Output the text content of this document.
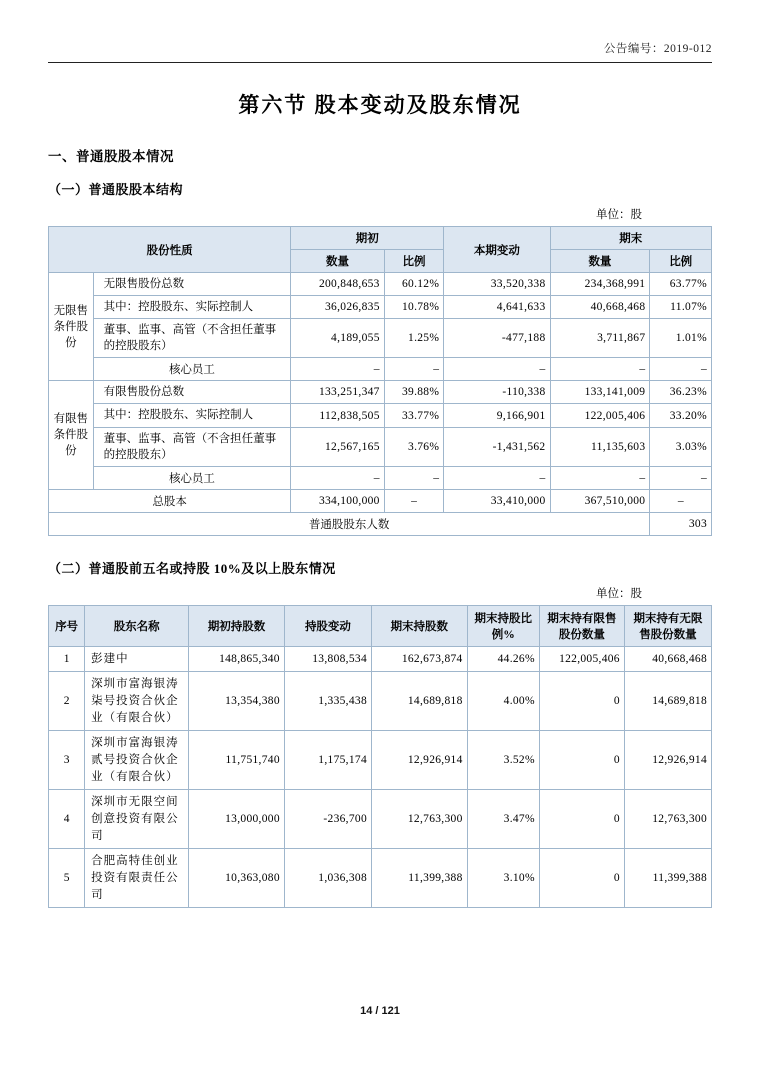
公告编号：2019-012
第六节 股本变动及股东情况
一、普通股股本情况
（一）普通股股本结构
单位：股
股份性质		期初		本期变动	期末	
		数量	比例		数量	比例
无限售条件股份	无限售股份总数	200,848,653	60.12%	33,520,338	234,368,991	63.77%
	其中：控股股东、实际控制人	36,026,835	10.78%	4,641,633	40,668,468	11.07%
	董事、监事、高管（不含担任董事的控股股东）	4,189,055	1.25%	-477,188	3,711,867	1.01%
	核心员工	–	–	–	–	–
有限售条件股份	有限售股份总数	133,251,347	39.88%	-110,338	133,141,009	36.23%
	其中：控股股东、实际控制人	112,838,505	33.77%	9,166,901	122,005,406	33.20%
	董事、监事、高管（不含担任董事的控股股东）	12,567,165	3.76%	-1,431,562	11,135,603	3.03%
	核心员工	–	–	–	–	–
总股本		334,100,000	–	33,410,000	367,510,000	–
普通股股东人数						303
（二）普通股前五名或持股 10%及以上股东情况
单位：股
序号	股东名称	期初持股数	持股变动	期末持股数	期末持股比例%	期末持有限售股份数量	期末持有无限售股份数量
1	彭建中	148,865,340	13,808,534	162,673,874	44.26%	122,005,406	40,668,468
2	深圳市富海银涛柒号投资合伙企业（有限合伙）	13,354,380	1,335,438	14,689,818	4.00%	0	14,689,818
3	深圳市富海银涛贰号投资合伙企业（有限合伙）	11,751,740	1,175,174	12,926,914	3.52%	0	12,926,914
4	深圳市无限空间创意投资有限公司	13,000,000	-236,700	12,763,300	3.47%	0	12,763,300
5	合肥高特佳创业投资有限责任公司	10,363,080	1,036,308	11,399,388	3.10%	0	11,399,388
14 / 121
